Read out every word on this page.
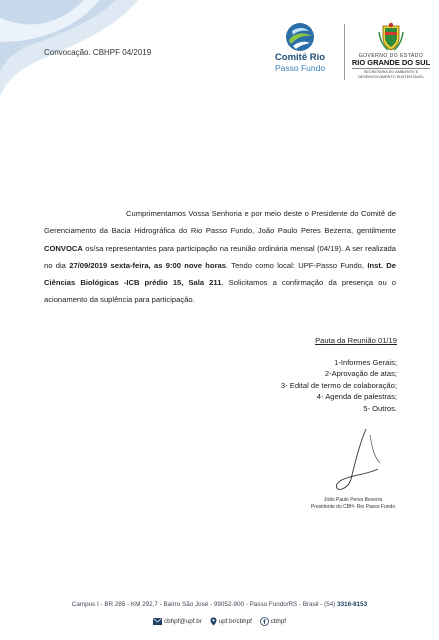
Convocação. CBHPF 04/2019	Comitê Rio
Passo Fundo
GOVERNO DO ESTADO
RIO GRANDE DO SUL
SECRETARIA DO AMBIENTE E
DESENVOLVIMENTO SUSTENTÁVEL

Cumprimentamos Vossa Senhoria e por meio deste o Presidente do Comitê de Gerenciamento da Bacia Hidrográfica do Rio Passo Fundo, João Paulo Peres Bezerra, gentilmente CONVOCA os/sa representantes para participação na reunião ordinária mensal (04/19). A ser realizada no dia 27/09/2019 sexta-feira, as 9:00 nove horas. Tendo como local: UPF-Passo Fundo, Inst. De Ciências Biológicas -ICB prédio 15, Sala 211. Solicitamos a confirmação da presença ou o acionamento da suplência para participação.

Pauta da Reunião 01/19
1-Informes Gerais;
2-Aprovação de atas;
3- Edital de termo de colaboração;
4- Agenda de palestras;
5- Outros.
João Paulo Peres Bezerra
Presidente do CBH- Rio Passo Fundo
Campus I - BR 285 - KM 292,7 - Bairro São José - 99052-900 - Passo Fundo/RS - Brasil - (54) 3316-8153
cbhpf@upf.br	upf.br/cbhpf	cbhpf
